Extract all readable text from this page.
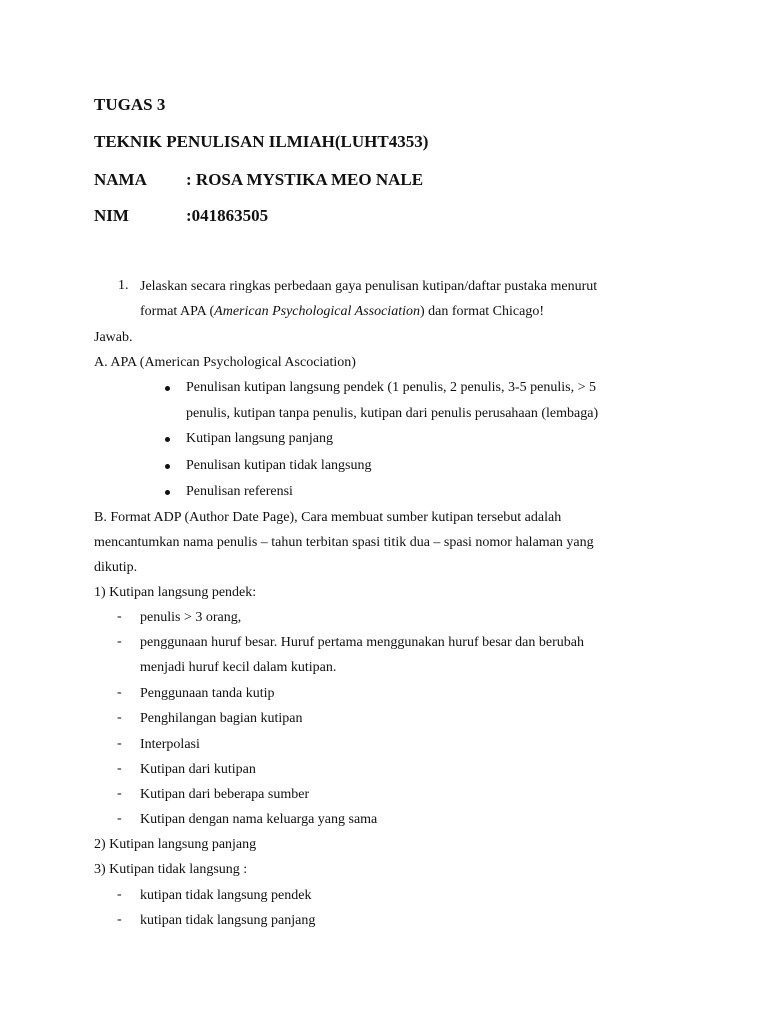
TUGAS 3
TEKNIK PENULISAN ILMIAH(LUHT4353)
NAMA : ROSA MYSTIKA MEO NALE
NIM	:041863505
1. Jelaskan secara ringkas perbedaan gaya penulisan kutipan/daftar pustaka menurut
format APA (American Psychological Association) dan format Chicago!
Jawab.
A. APA (American Psychological Ascociation)
Penulisan kutipan langsung pendek (1 penulis, 2 penulis, 3-5 penulis, > 5
penulis, kutipan tanpa penulis, kutipan dari penulis perusahaan (lembaga)
Kutipan langsung panjang
Penulisan kutipan tidak langsung
Penulisan referensi
B. Format ADP (Author Date Page), Cara membuat sumber kutipan tersebut adalah
mencantumkan nama penulis – tahun terbitan spasi titik dua – spasi nomor halaman yang
dikutip.
1) Kutipan langsung pendek:
- penulis > 3 orang,
- penggunaan huruf besar. Huruf pertama menggunakan huruf besar dan berubah
menjadi huruf kecil dalam kutipan.
- Penggunaan tanda kutip
- Penghilangan bagian kutipan
- Interpolasi
- Kutipan dari kutipan
- Kutipan dari beberapa sumber
- Kutipan dengan nama keluarga yang sama
2) Kutipan langsung panjang
3) Kutipan tidak langsung :
- kutipan tidak langsung pendek
- kutipan tidak langsung panjang
